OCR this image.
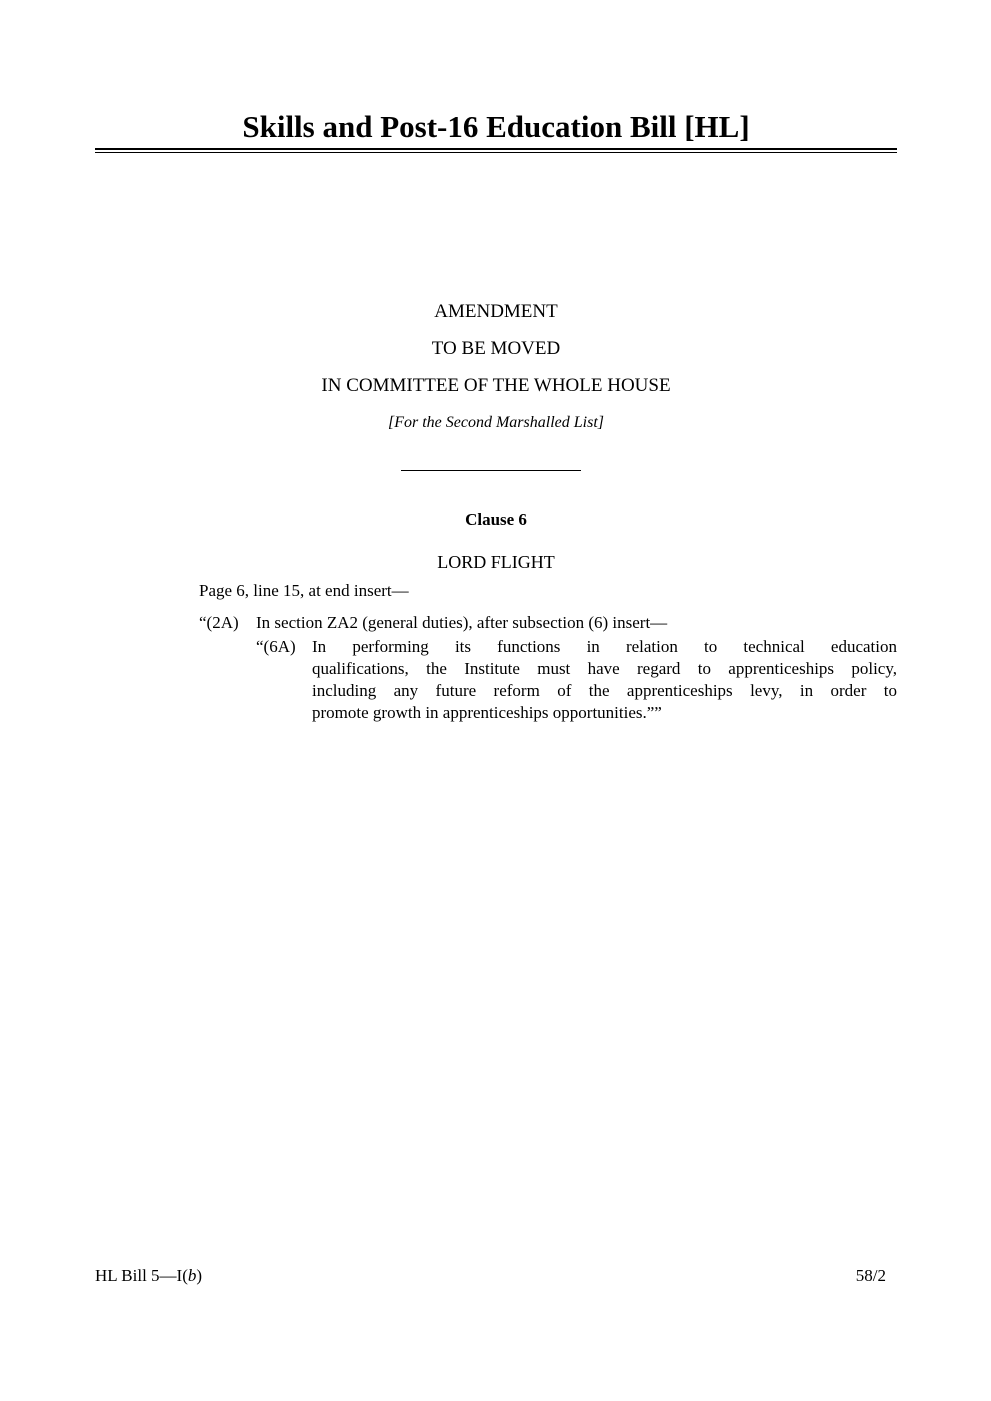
Skills and Post-16 Education Bill [HL]
AMENDMENT
TO BE MOVED
IN COMMITTEE OF THE WHOLE HOUSE
[For the Second Marshalled List]
Clause 6
LORD FLIGHT
Page 6, line 15, at end insert—
“(2A) In section ZA2 (general duties), after subsection (6) insert—
“(6A) In performing its functions in relation to technical education
qualifications, the Institute must have regard to apprenticeships policy,
including any future reform of the apprenticeships levy, in order to
promote growth in apprenticeships opportunities.””
HL Bill 5—I(b)	58/2
